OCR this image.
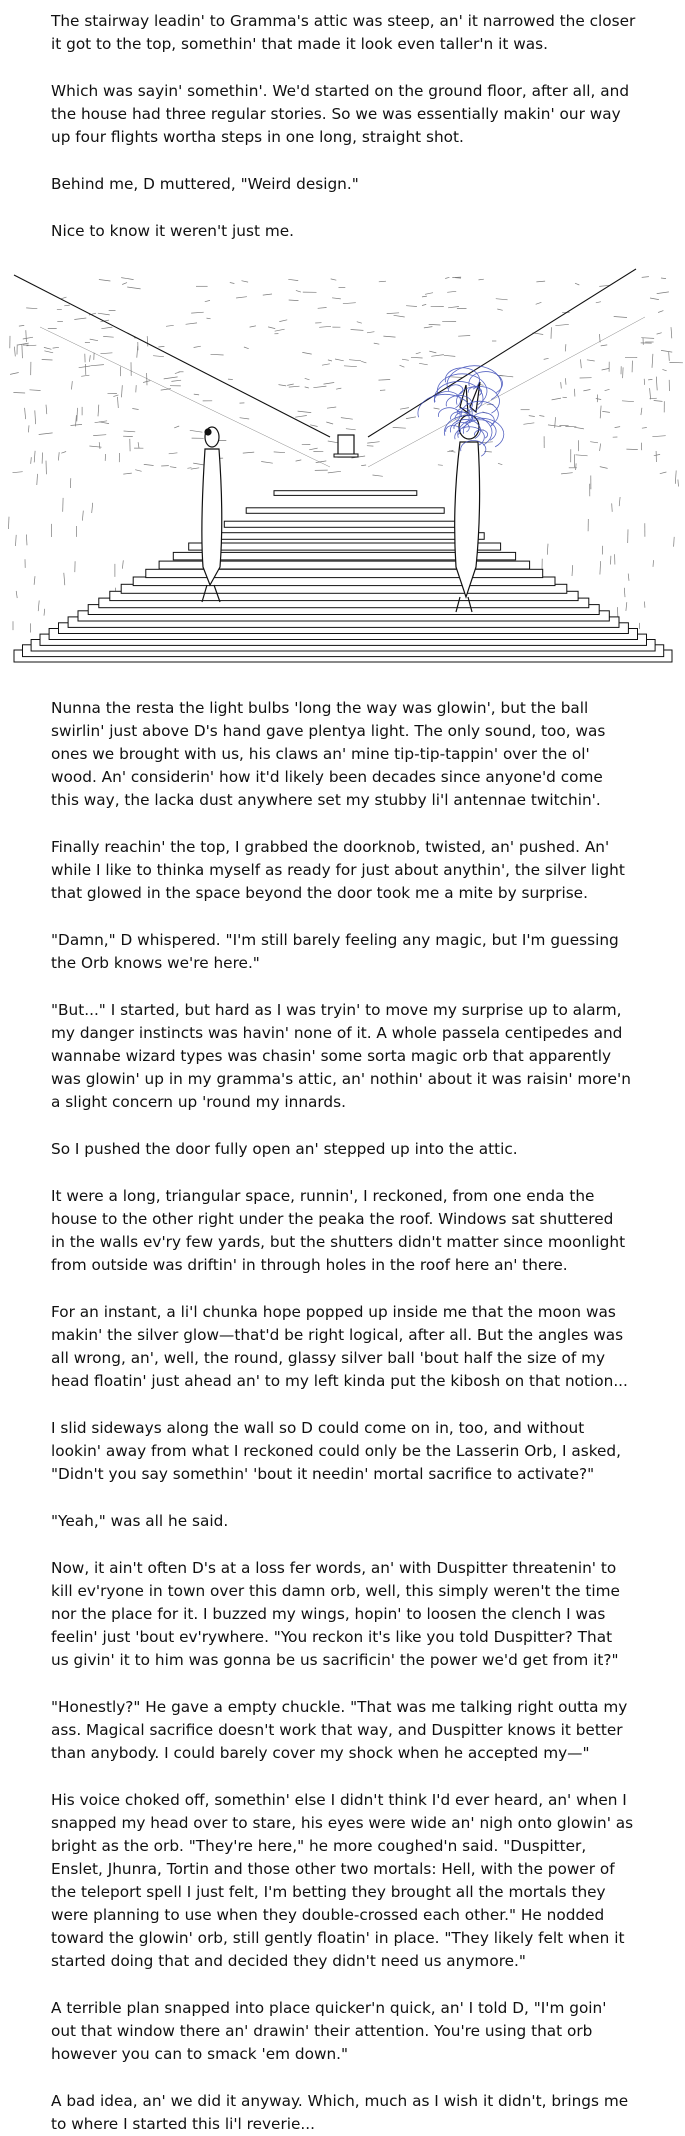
The stairway leadin' to Gramma's attic was steep, an' it narrowed the closer
it got to the top, somethin' that made it look even taller'n it was.

Which was sayin' somethin'. We'd started on the ground floor, after all, and
the house had three regular stories. So we was essentially makin' our way
up four flights wortha steps in one long, straight shot.

Behind me, D muttered, "Weird design."

Nice to know it weren't just me.

Nunna the resta the light bulbs 'long the way was glowin', but the ball
swirlin' just above D's hand gave plentya light. The only sound, too, was
ones we brought with us, his claws an' mine tip-tip-tappin' over the ol'
wood. An' considerin' how it'd likely been decades since anyone'd come
this way, the lacka dust anywhere set my stubby li'l antennae twitchin'.

Finally reachin' the top, I grabbed the doorknob, twisted, an' pushed. An'
while I like to thinka myself as ready for just about anythin', the silver light
that glowed in the space beyond the door took me a mite by surprise.

"Damn," D whispered. "I'm still barely feeling any magic, but I'm guessing
the Orb knows we're here."

"But..." I started, but hard as I was tryin' to move my surprise up to alarm,
my danger instincts was havin' none of it. A whole passela centipedes and
wannabe wizard types was chasin' some sorta magic orb that apparently
was glowin' up in my gramma's attic, an' nothin' about it was raisin' more'n
a slight concern up 'round my innards.

So I pushed the door fully open an' stepped up into the attic.

It were a long, triangular space, runnin', I reckoned, from one enda the
house to the other right under the peaka the roof. Windows sat shuttered
in the walls ev'ry few yards, but the shutters didn't matter since moonlight
from outside was driftin' in through holes in the roof here an' there.

For an instant, a li'l chunka hope popped up inside me that the moon was
makin' the silver glow—that'd be right logical, after all. But the angles was
all wrong, an', well, the round, glassy silver ball 'bout half the size of my
head floatin' just ahead an' to my left kinda put the kibosh on that notion...

I slid sideways along the wall so D could come on in, too, and without
lookin' away from what I reckoned could only be the Lasserin Orb, I asked,
"Didn't you say somethin' 'bout it needin' mortal sacrifice to activate?"

"Yeah," was all he said.

Now, it ain't often D's at a loss fer words, an' with Duspitter threatenin' to
kill ev'ryone in town over this damn orb, well, this simply weren't the time
nor the place for it. I buzzed my wings, hopin' to loosen the clench I was
feelin' just 'bout ev'rywhere. "You reckon it's like you told Duspitter? That
us givin' it to him was gonna be us sacrificin' the power we'd get from it?"

"Honestly?" He gave a empty chuckle. "That was me talking right outta my
ass. Magical sacrifice doesn't work that way, and Duspitter knows it better
than anybody. I could barely cover my shock when he accepted my—"

His voice choked off, somethin' else I didn't think I'd ever heard, an' when I
snapped my head over to stare, his eyes were wide an' nigh onto glowin' as
bright as the orb. "They're here," he more coughed'n said. "Duspitter,
Enslet, Jhunra, Tortin and those other two mortals: Hell, with the power of
the teleport spell I just felt, I'm betting they brought all the mortals they
were planning to use when they double-crossed each other." He nodded
toward the glowin' orb, still gently floatin' in place. "They likely felt when it
started doing that and decided they didn't need us anymore."

A terrible plan snapped into place quicker'n quick, an' I told D, "I'm goin'
out that window there an' drawin' their attention. You're using that orb
however you can to smack 'em down."

A bad idea, an' we did it anyway. Which, much as I wish it didn't, brings me
to where I started this li'l reverie...
